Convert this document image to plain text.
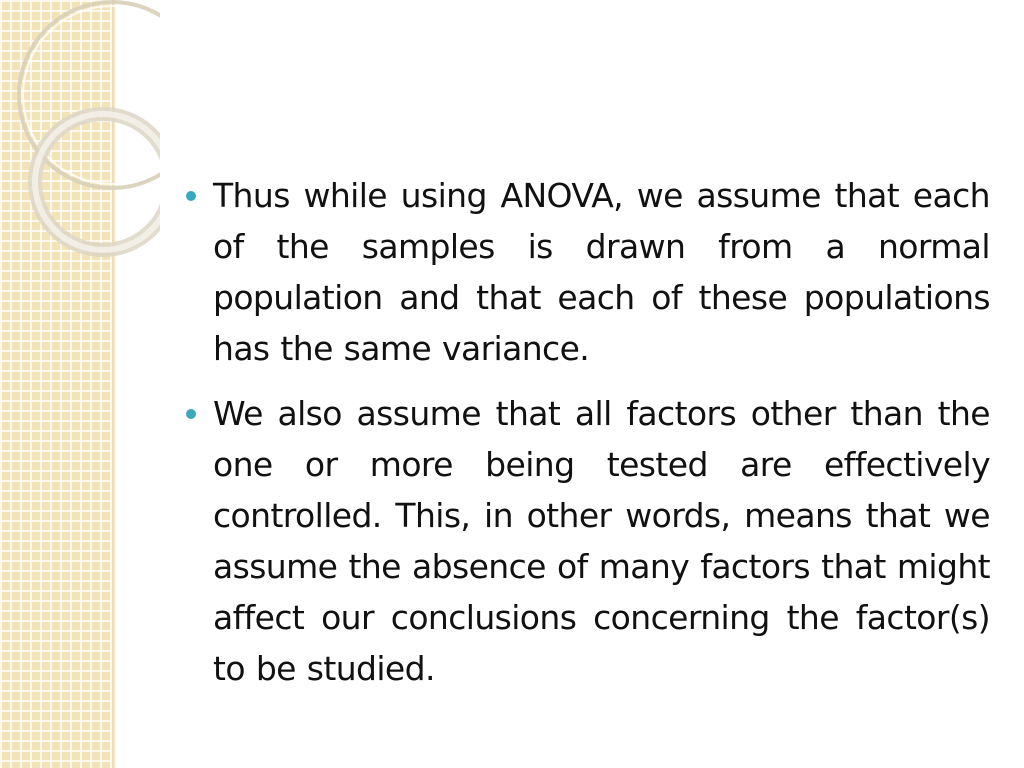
Thus while using ANOVA, we assume that each of the samples is drawn from a normal population and that each of these populations has the same variance.
We also assume that all factors other than the one or more being tested are effectively controlled. This, in other words, means that we assume the absence of many factors that might affect our conclusions concerning the factor(s) to be studied.
